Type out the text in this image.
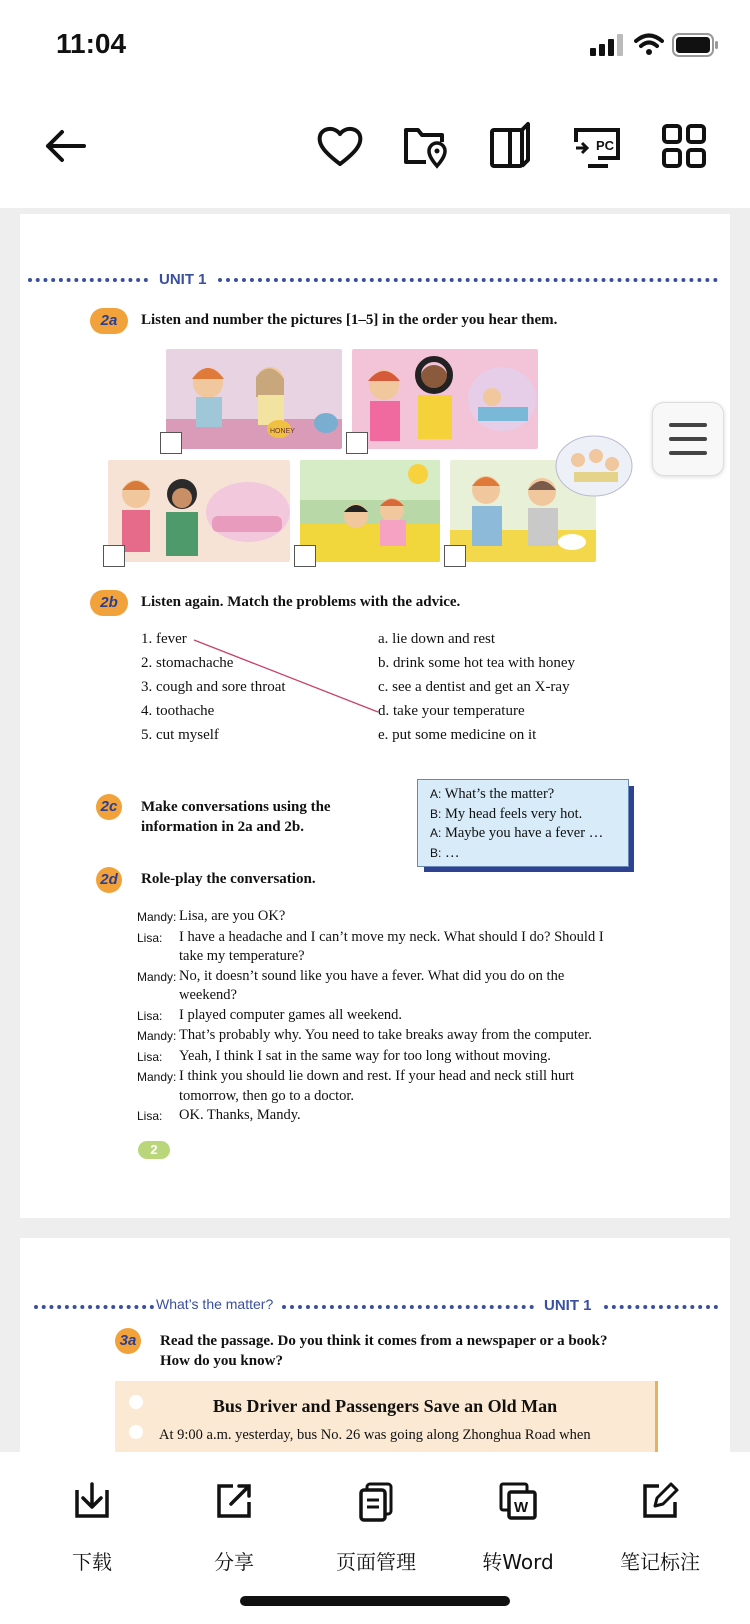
11:04
PC
UNIT 1
2a	Listen and number the pictures [1–5] in the order you hear them.
HONEY
2b	Listen again. Match the problems with the advice.
1. fever
2. stomachache
3. cough and sore throat
4. toothache
5. cut myself
a. lie down and rest
b. drink some hot tea with honey
c. see a dentist and get an X-ray
d. take your temperature
e. put some medicine on it
2c	Make conversations using the
information in 2a and 2b.
A: What’s the matter?
B: My head feels very hot.
A: Maybe you have a fever …
B: …
2d Role-play the conversation.
Mandy: Lisa, are you OK?
Lisa:	I have a headache and I can’t move my neck. What should I do? Should I take my temperature?
Mandy: No, it doesn’t sound like you have a fever. What did you do on the weekend?
Lisa:	I played computer games all weekend.
Mandy: That’s probably why. You need to take breaks away from the computer.
Lisa:	Yeah, I think I sat in the same way for too long without moving.
Mandy: I think you should lie down and rest. If your head and neck still hurt tomorrow, then go to a doctor.
Lisa:	OK. Thanks, Mandy.
2
What’s the matter?	UNIT 1
3a	Read the passage. Do you think it comes from a newspaper or a book?
How do you know?
Bus Driver and Passengers Save an Old Man
At 9:00 a.m. yesterday, bus No. 26 was going along Zhonghua Road when
下载	分享	页面管理
W
转Word	笔记标注
